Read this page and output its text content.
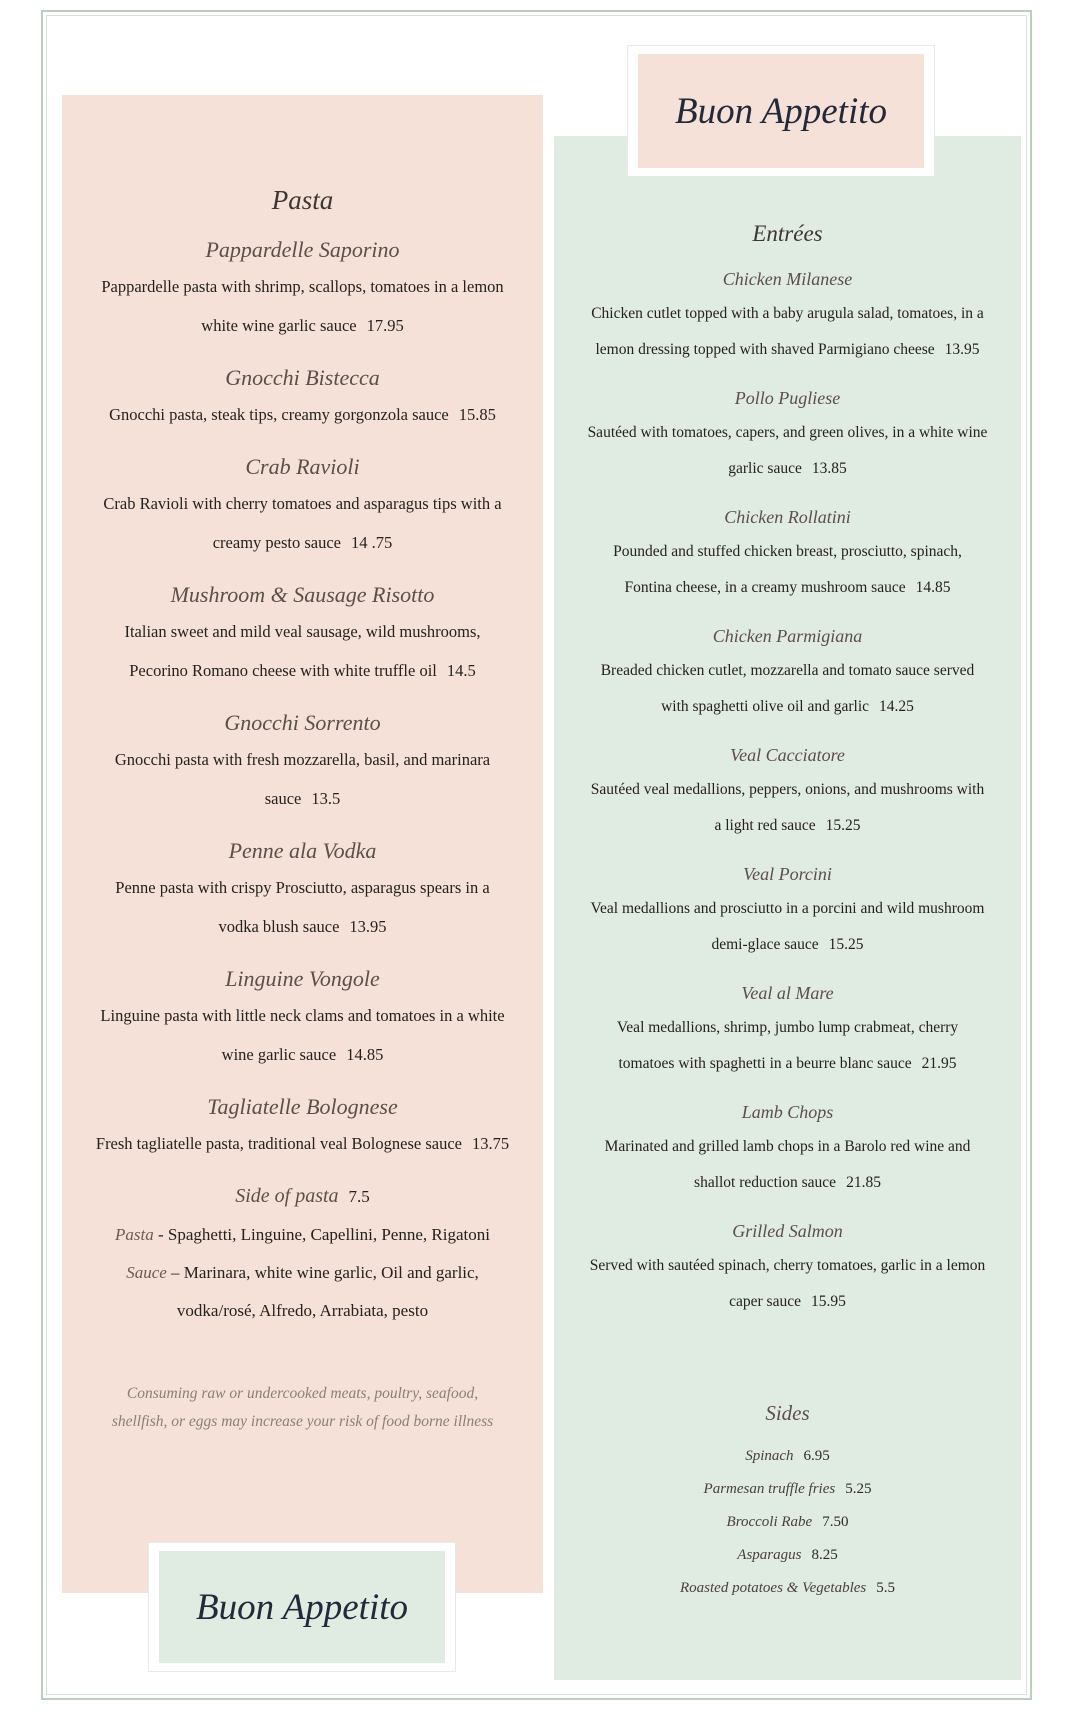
Buon Appetito
Pasta
Pappardelle Saporino
Pappardelle pasta with shrimp, scallops, tomatoes in a lemon
white wine garlic sauce 17.95
Gnocchi Bistecca
Gnocchi pasta, steak tips, creamy gorgonzola sauce 15.85
Crab Ravioli
Crab Ravioli with cherry tomatoes and asparagus tips with a
creamy pesto sauce 14 .75
Mushroom & Sausage Risotto
Italian sweet and mild veal sausage, wild mushrooms,
Pecorino Romano cheese with white truffle oil 14.5
Gnocchi Sorrento
Gnocchi pasta with fresh mozzarella, basil, and marinara
sauce 13.5
Penne ala Vodka
Penne pasta with crispy Prosciutto, asparagus spears in a
vodka blush sauce 13.95
Linguine Vongole
Linguine pasta with little neck clams and tomatoes in a white
wine garlic sauce 14.85
Tagliatelle Bolognese
Fresh tagliatelle pasta, traditional veal Bolognese sauce 13.75
Side of pasta 7.5
Pasta - Spaghetti, Linguine, Capellini, Penne, Rigatoni
Sauce – Marinara, white wine garlic, Oil and garlic,
vodka/rosé, Alfredo, Arrabiata, pesto
Consuming raw or undercooked meats, poultry, seafood,
shellfish, or eggs may increase your risk of food borne illness
Buon Appetito
Entrées
Chicken Milanese
Chicken cutlet topped with a baby arugula salad, tomatoes, in a
lemon dressing topped with shaved Parmigiano cheese 13.95
Pollo Pugliese
Sautéed with tomatoes, capers, and green olives, in a white wine
garlic sauce 13.85
Chicken Rollatini
Pounded and stuffed chicken breast, prosciutto, spinach,
Fontina cheese, in a creamy mushroom sauce 14.85
Chicken Parmigiana
Breaded chicken cutlet, mozzarella and tomato sauce served
with spaghetti olive oil and garlic 14.25
Veal Cacciatore
Sautéed veal medallions, peppers, onions, and mushrooms with
a light red sauce 15.25
Veal Porcini
Veal medallions and prosciutto in a porcini and wild mushroom
demi-glace sauce 15.25
Veal al Mare
Veal medallions, shrimp, jumbo lump crabmeat, cherry
tomatoes with spaghetti in a beurre blanc sauce 21.95
Lamb Chops
Marinated and grilled lamb chops in a Barolo red wine and
shallot reduction sauce 21.85
Grilled Salmon
Served with sautéed spinach, cherry tomatoes, garlic in a lemon
caper sauce 15.95
Sides
Spinach 6.95
Parmesan truffle fries 5.25
Broccoli Rabe 7.50
Asparagus 8.25
Roasted potatoes & Vegetables 5.5
